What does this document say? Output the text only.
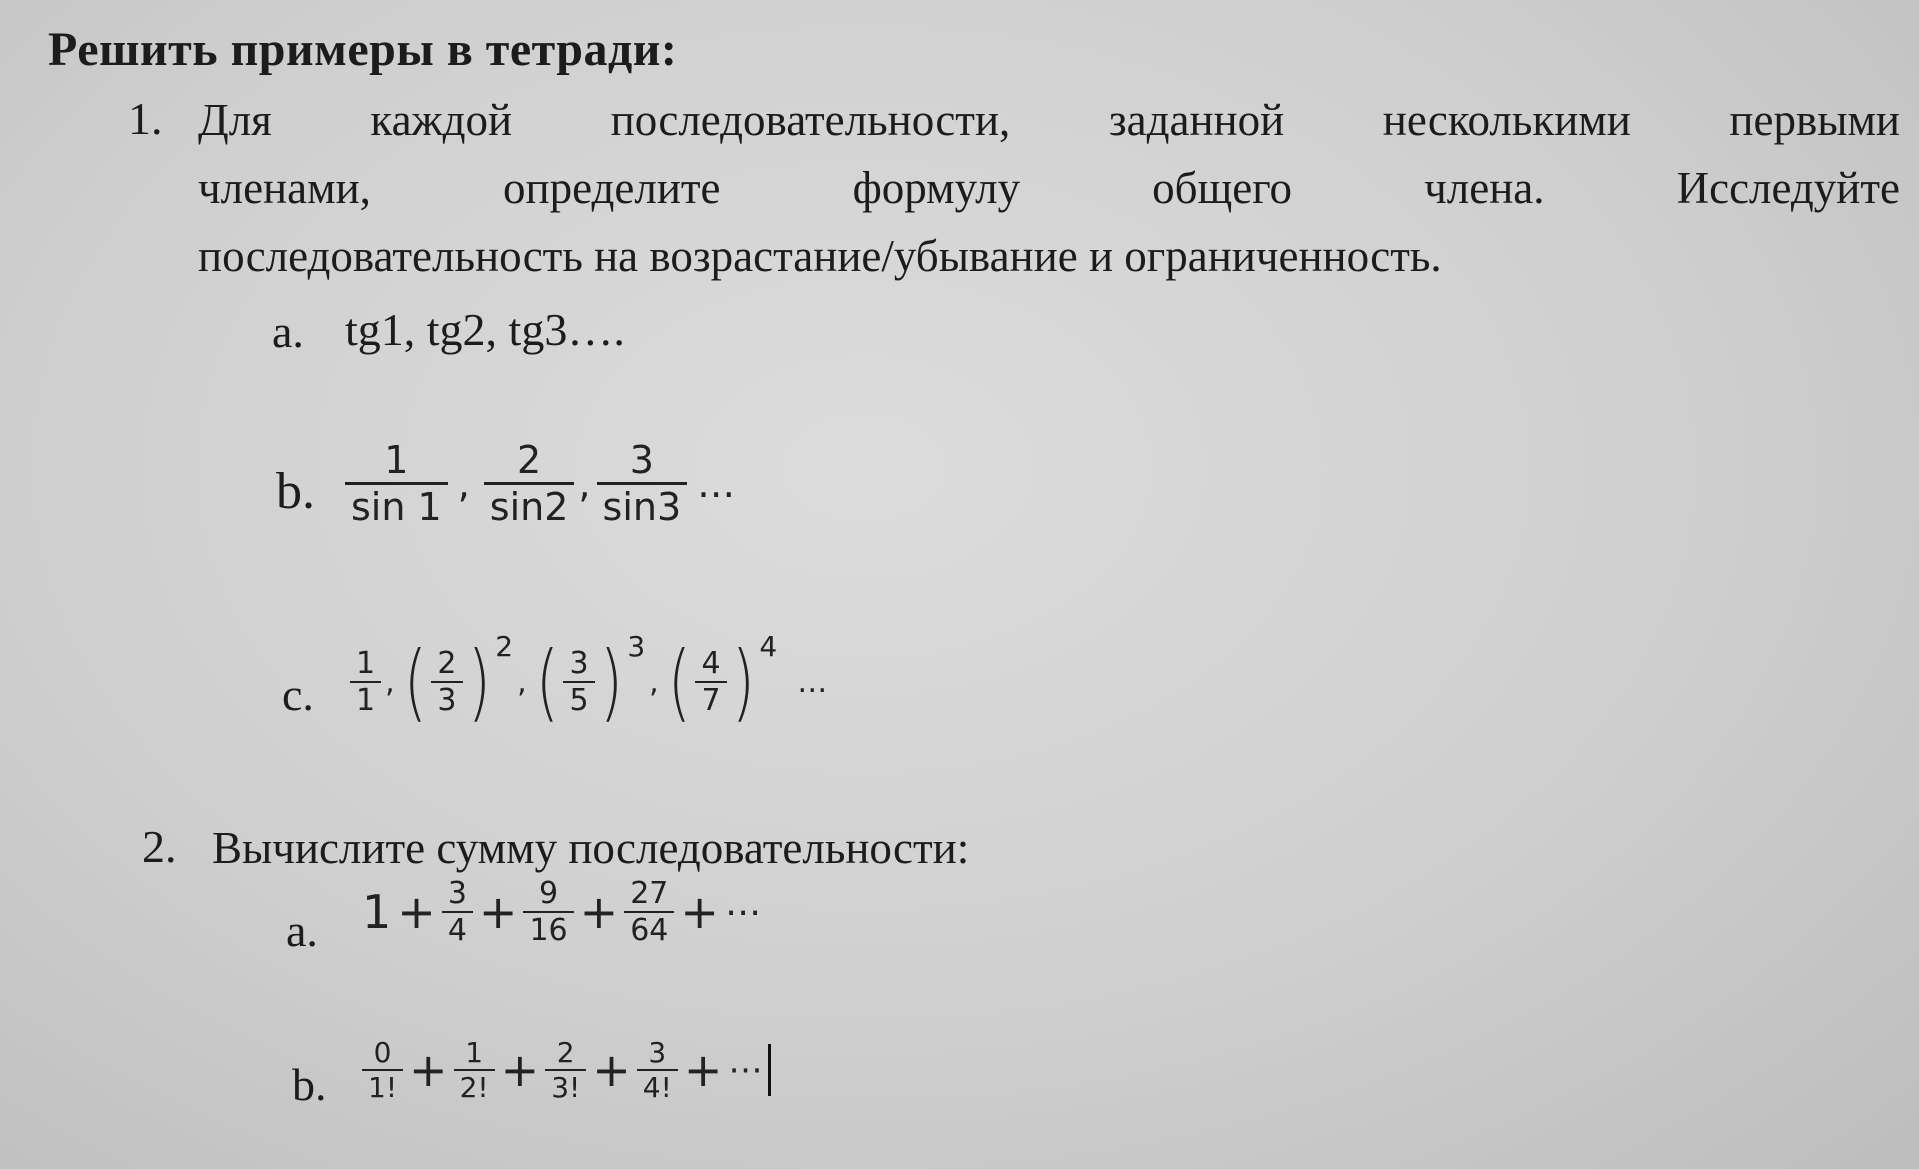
Решить примеры в тетради:
1. Для каждой последовательности, заданной несколькими первыми
членами, определите формулу общего члена. Исследуйте
последовательность на возрастание/убывание и ограниченность.
a. tg1, tg2, tg3….
b. $\frac{1}{\sin 1}$ , $\frac{2}{\sin 2}$ , $\frac{3}{\sin 3}$ …
c. $\frac{1}{1}$ , ( $\frac{2}{3}$ ) 2, ( $\frac{3}{5}$ ) 3, ( $\frac{4}{7}$ ) 4…
2. Вычислите сумму последовательности:
a. $1 + \frac{3}{4} + \frac{9}{16} + \frac{27}{64}$ + ⋯
b. $\frac{0}{1!} + \frac{1}{2!} + \frac{2}{3!} + \frac{3}{4!}$ + ⋯
